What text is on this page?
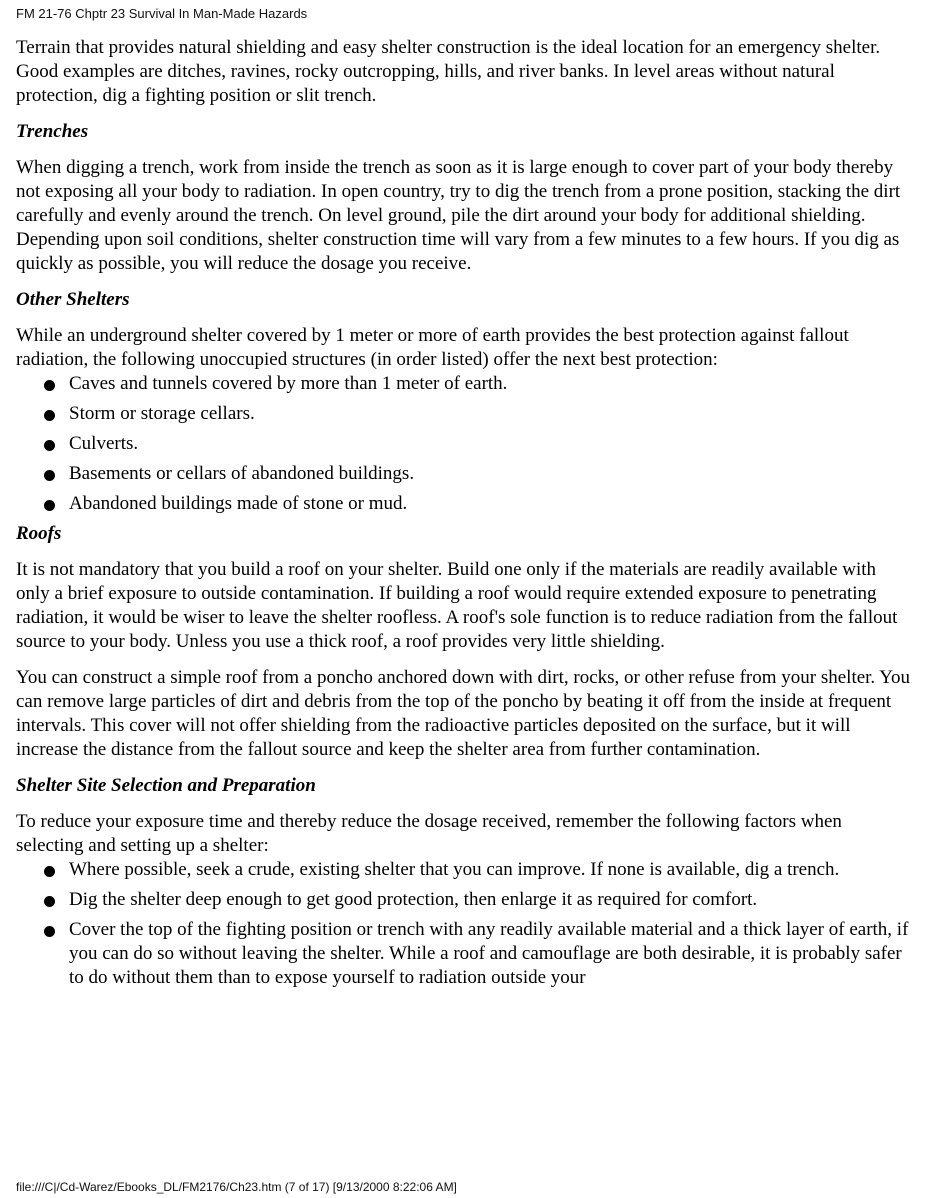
FM 21-76 Chptr 23 Survival In Man-Made Hazards

Terrain that provides natural shielding and easy shelter construction is the ideal location for an emergency shelter. Good examples are ditches, ravines, rocky outcropping, hills, and river banks. In level areas without natural protection, dig a fighting position or slit trench.

Trenches

When digging a trench, work from inside the trench as soon as it is large enough to cover part of your body thereby not exposing all your body to radiation. In open country, try to dig the trench from a prone position, stacking the dirt carefully and evenly around the trench. On level ground, pile the dirt around your body for additional shielding. Depending upon soil conditions, shelter construction time will vary from a few minutes to a few hours. If you dig as quickly as possible, you will reduce the dosage you receive.

Other Shelters

While an underground shelter covered by 1 meter or more of earth provides the best protection against fallout radiation, the following unoccupied structures (in order listed) offer the next best protection:

Caves and tunnels covered by more than 1 meter of earth.
Storm or storage cellars.
Culverts.
Basements or cellars of abandoned buildings.
Abandoned buildings made of stone or mud.
Roofs

It is not mandatory that you build a roof on your shelter. Build one only if the materials are readily available with only a brief exposure to outside contamination. If building a roof would require extended exposure to penetrating radiation, it would be wiser to leave the shelter roofless. A roof's sole function is to reduce radiation from the fallout source to your body. Unless you use a thick roof, a roof provides very little shielding.

You can construct a simple roof from a poncho anchored down with dirt, rocks, or other refuse from your shelter. You can remove large particles of dirt and debris from the top of the poncho by beating it off from the inside at frequent intervals. This cover will not offer shielding from the radioactive particles deposited on the surface, but it will increase the distance from the fallout source and keep the shelter area from further contamination.

Shelter Site Selection and Preparation

To reduce your exposure time and thereby reduce the dosage received, remember the following factors when selecting and setting up a shelter:

Where possible, seek a crude, existing shelter that you can improve. If none is available, dig a trench.
Dig the shelter deep enough to get good protection, then enlarge it as required for comfort.
Cover the top of the fighting position or trench with any readily available material and a thick layer of earth, if you can do so without leaving the shelter. While a roof and camouflage are both desirable, it is probably safer to do without them than to expose yourself to radiation outside your
file:///C|/Cd-Warez/Ebooks_DL/FM2176/Ch23.htm (7 of 17) [9/13/2000 8:22:06 AM]
